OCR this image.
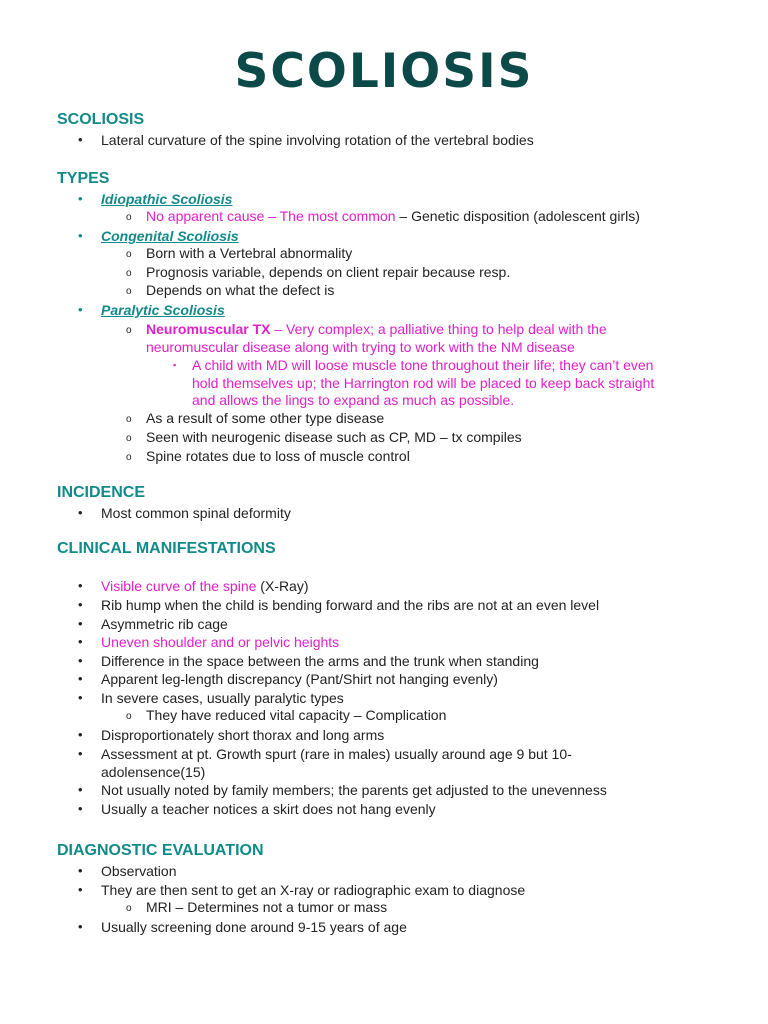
SCOLIOSIS
SCOLIOSIS
• Lateral curvature of the spine involving rotation of the vertebral bodies

TYPES
• Idiopathic Scoliosis

o No apparent cause – The most common – Genetic disposition (adolescent girls)

• Congenital Scoliosis

o Born with a Vertebral abnormality

o Prognosis variable, depends on client repair because resp.

o Depends on what the defect is

• Paralytic Scoliosis

o Neuromuscular TX – Very complex; a palliative thing to help deal with the

neuromuscular disease along with trying to work with the NM disease

▪ A child with MD will loose muscle tone throughout their life; they can’t even

hold themselves up; the Harrington rod will be placed to keep back straight

and allows the lings to expand as much as possible.

o As a result of some other type disease

o Seen with neurogenic disease such as CP, MD – tx compiles

o Spine rotates due to loss of muscle control

INCIDENCE
• Most common spinal deformity

CLINICAL MANIFESTATIONS
• Visible curve of the spine (X-Ray)

• Rib hump when the child is bending forward and the ribs are not at an even level

• Asymmetric rib cage

• Uneven shoulder and or pelvic heights

• Difference in the space between the arms and the trunk when standing

• Apparent leg-length discrepancy (Pant/Shirt not hanging evenly)

• In severe cases, usually paralytic types

o They have reduced vital capacity – Complication

• Disproportionately short thorax and long arms

• Assessment at pt. Growth spurt (rare in males) usually around age 9 but 10-

adolensence(15)

• Not usually noted by family members; the parents get adjusted to the unevenness

• Usually a teacher notices a skirt does not hang evenly

DIAGNOSTIC EVALUATION
• Observation

• They are then sent to get an X-ray or radiographic exam to diagnose

o MRI – Determines not a tumor or mass

• Usually screening done around 9-15 years of age
